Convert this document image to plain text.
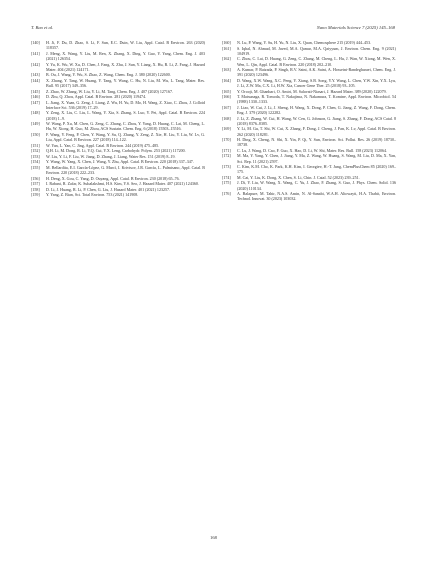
T. Bao et al.	Nano Materials Science 7 (2025) 145–168
[140] H. Ji, F. Du, D. Zhao, S. Li, F. Sun, E.C. Duin, W. Liu, Appl. Catal. B Environ. 263 (2020) 118357.
[141] J. Meng, X. Wang, Y. Liu, M. Ren, X. Zhang, X. Ding, Y. Guo, Y. Yang, Chem. Eng. J. 403 (2021) 126354.
[142] Y. Yu, K. Wu, W. Xu, D. Chen, J. Fang, X. Zhu, J. Sun, Y. Liang, X. Hu, R. Li, Z. Fang, J. Hazard Mater. 404 (2021) 124171.
[143] B. Ou, J. Wang, Y. Wu, S. Zhao, Z. Wang, Chem. Eng. J. 380 (2020) 122600.
[144] X. Zhang, Y. Tang, W. Huang, Y. Tang, Y. Wang, C. Hu, N. Liu, M. Wu, L. Tang, Mater. Res. Bull. 95 (2017) 349–356.
[145] Z. Zhao, W. Zhang, W. Liu, Y. Li, M. Tang, Chem. Eng. J. 407 (2020) 127167.
[146] D. Zhu, Q. Zhou, Appl. Catal. B Environ. 281 (2020) 119474.
[147] L. Jiang, X. Yuan, G. Zeng, J. Liang, Z. Wu, H. Yu, D. Mo, H. Wang, Z. Xiao, C. Zhou, J. Colloid Interface Sci. 536 (2019) 17–29.
[148] Y. Zeng, X. Liu, C. Liu, L. Wang, Y. Xia, S. Zhang, S. Luo, Y. Pei, Appl. Catal. B Environ. 224 (2018) 1–9.
[149] W. Wang, P. Xu, M. Chen, G. Zeng, C. Zhang, C. Zhou, Y. Yang, D. Huang, C. Lai, M. Cheng, L. Hu, W. Xiong, H. Guo, M. Zhou, ACS Sustain. Chem. Eng. 6 (2018) 15503–15516.
[150] F. Wang, Y. Feng, P. Chen, Y. Wang, Y. Su, Q. Zhang, Y. Zeng, Z. Xie, H. Liu, Y. Liu, W. Lv, G. Liu, Appl. Catal. B Environ. 227 (2018) 114–122.
[151] W. Yan, L. Yan, C. Jing, Appl. Catal. B Environ. 244 (2019) 475–485.
[152] Q.H. Li, M. Dong, R. Li, Y.Q. Cui, Y.X. Leng, Carbohydr. Polym. 253 (2021) 117200.
[153] W. Liu, Y. Li, F. Liu, W. Jiang, D. Zhang, J. Liang, Water Res. 151 (2019) 8–19.
[154] Y. Wang, W. Yang, X. Chen, J. Wang, Y. Zhu, Appl. Catal. B Environ. 220 (2018) 337–347.
[155] M. Bellardita, E.I. García-López, G. Marcì, I. Krivtsov, J.R. García, L. Palmisano, Appl. Catal. B Environ. 220 (2018) 222–233.
[156] H. Deng, X. Gou, C. Yang, D. Ouyang, Appl. Catal. B Environ. 230 (2018) 65–76.
[157] I. Rabani, R. Zafar, K. Subalakshmi, H.S. Kim, Y.S. Seo, J. Hazard Mater. 407 (2021) 124360.
[158] D. Li, J. Huang, R. Li, P. Chen, G. Liu, J. Hazard Mater. 401 (2021) 123257.
[159] Y. Yang, Z. Bian, Sci. Total Environ. 753 (2021) 141908.
[160] N. Lu, P. Wang, Y. Su, H. Yu, N. Liu, X. Quan, Chemosphere 215 (2019) 444–453.
[161] S. Iqbal, N. Ahmad, M. Javed, M.A. Qamar, M.A. Qaiyyum, J. Environ. Chem. Eng. 9 (2021) 104919.
[162] C. Zhou, C. Lai, D. Huang, G. Zeng, C. Zhang, M. Cheng, L. Hu, J. Wan, W. Xiong, M. Wen, X. Wen, L. Qin, Appl. Catal. B Environ. 220 (2018) 202–210.
[163] A. Kumar, P. Raizada, P. Singh, R.V. Saini, A.K. Saini, A. Hosseini-Bandegharaei, Chem. Eng. J. 391 (2020) 123496.
[164] D. Wang, X.W. Wang, X.C. Peng, Y. Xiang, S.B. Song, Y.Y. Wang, L. Chen, Y.W. Xin, Y.X. Lyu, J. Li, Z.W. Ma, C.X. Li, H.W. Xia, Cancer Gene Ther. 25 (2018) 93–105.
[165] Y. Orooji, M. Ghanbari, O. Amiri, M. Salavati-Niasari, J. Hazard Mater. 389 (2020) 122079.
[166] T. Matsunaga, R. Tomoda, T. Nakajima, N. Nakamura, T. Komine, Appl. Environ. Microbiol. 54 (1988) 1330–1333.
[167] J. Liao, W. Cui, J. Li, J. Sheng, H. Wang, X. Dong, P. Chen, G. Jiang, Z. Wang, F. Dong, Chem. Eng. J. 379 (2020) 122282.
[168] J. Li, Z. Zhang, W. Cui, H. Wang, W. Cen, G. Johnson, G. Jiang, S. Zhang, F. Dong, ACS Catal. 8 (2018) 8376–8385.
[169] Y. Li, M. Gu, T. Shi, W. Cui, X. Zhang, F. Dong, J. Cheng, J. Fan, K. Lv, Appl. Catal. B Environ. 262 (2020) 118281.
[170] H. Ding, X. Cheng, N. Shi, X. Yin, P. Qi, Y. Sun, Environ. Sci. Pollut. Res. 26 (2019) 18730–18738.
[171] C. Lu, J. Wang, D. Cao, F. Guo, X. Hao, D. Li, W. Shi, Mater. Res. Bull. 158 (2023) 112064.
[172] M. Ma, Y. Yang, Y. Chen, J. Jiang, Y. Ma, Z. Wang, W. Huang, S. Wang, M. Liu, D. Ma, X. Yan, Sci. Rep. 11 (2021) 2597.
[173] C. Kim, K.M. Cho, K. Park, K.H. Kim, I. Georgiev, H.-T. Jung, ChemPlusChem 85 (2020) 169–175.
[174] M. Cai, Y. Liu, K. Dong, X. Chen, S. Li, Chin. J. Catal. 52 (2023) 239–251.
[175] J. Di, Y. Liu, W. Wang, X. Wang, C. Yu, J. Zhao, F. Zhang, S. Guo, J. Phys. Chem. Solid. 136 (2020) 110134.
[176] A. Balapure, M. Tahir, N.A.S. Amin, N. Al-Sanabi, W.A.H. Altowayti, H.A. Thabit, Environ. Technol. Innovat. 30 (2023) 103032.
168
